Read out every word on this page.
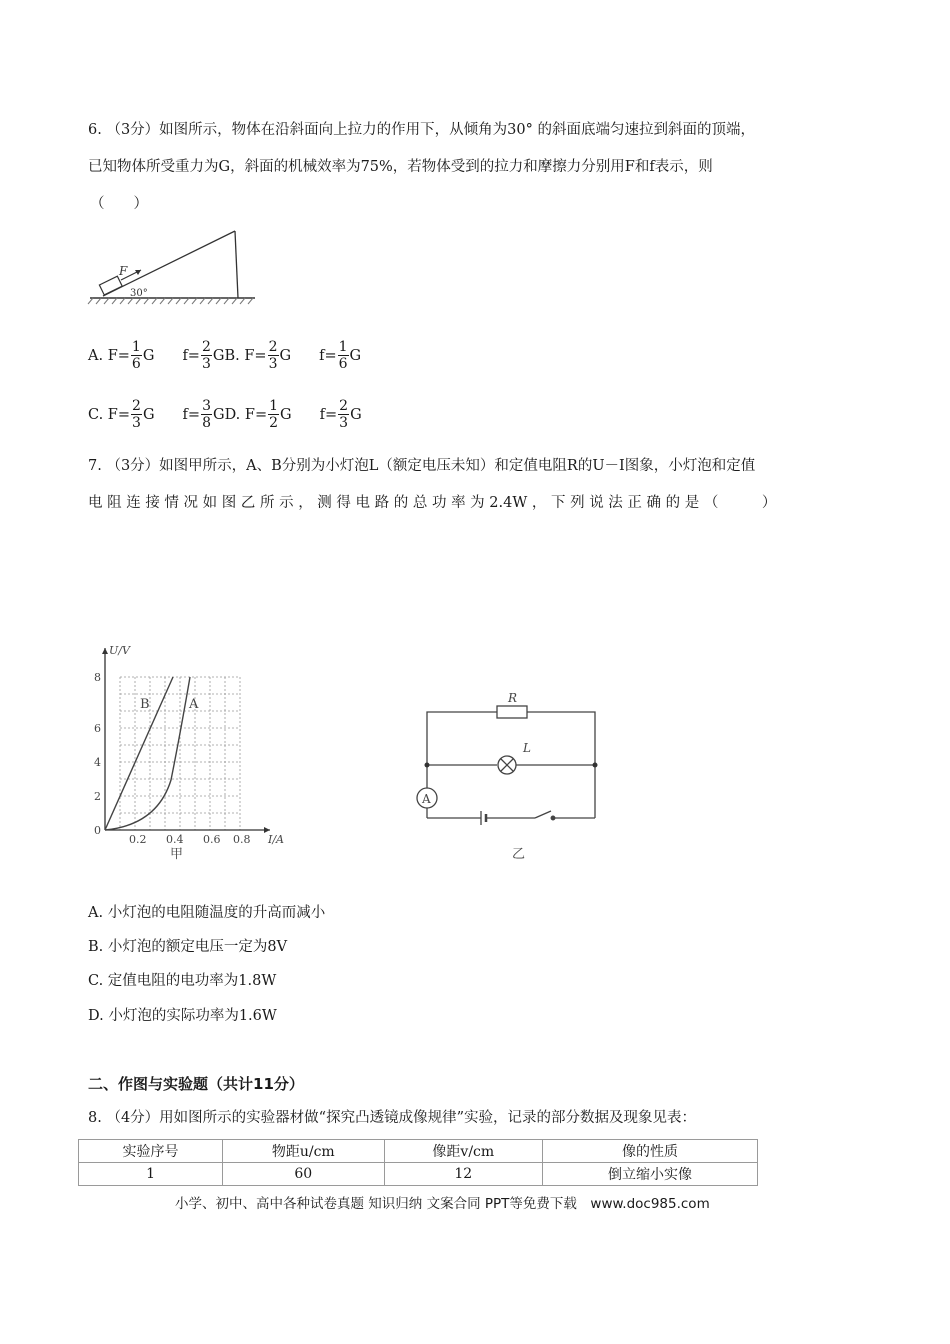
6. （3分）如图所示，物体在沿斜面向上拉力的作用下，从倾角为30° 的斜面底端匀速拉到斜面的顶端，
已知物体所受重力为G，斜面的机械效率为75%，若物体受到的拉力和摩擦力分别用F和f表示，则
（　　）
F
30°
A.
$F= \frac{1}{6}$ G $f= \frac{2}{3}$ G B.
$F= \frac{2}{3}$ G $f= \frac{1}{6}$ G
C.
$F= \frac{2}{3}$ G $f= \frac{3}{8}$ G D.
$F= \frac{1}{2}$ G $f= \frac{2}{3}$ G
7. （3分）如图甲所示，A、B分别为小灯泡L（额定电压未知）和定值电阻R的U－I图象，小灯泡和定值
电 阻 连 接 情 况 如 图 乙 所 示 ， 测 得 电 路 的 总 功 率 为 2.4W ， 下 列 说 法 正 确 的 是 （　　　）
U/V
I/A
0
2
4
6
8
0.2 0.4 0.6 0.8
B	A
甲
R
L
A
乙
A. 小灯泡的电阻随温度的升高而减小
B. 小灯泡的额定电压一定为8V
C. 定值电阻的电功率为1.8W
D. 小灯泡的实际功率为1.6W
二、作图与实验题（共计11分）
8. （4分）用如图所示的实验器材做“探究凸透镜成像规律”实验，记录的部分数据及现象见表：
实验序号	物距u/cm	像距v/cm	像的性质
1	60	12	倒立缩小实像
小学、初中、高中各种试卷真题 知识归纳 文案合同 PPT等免费下载　www.doc985.com
